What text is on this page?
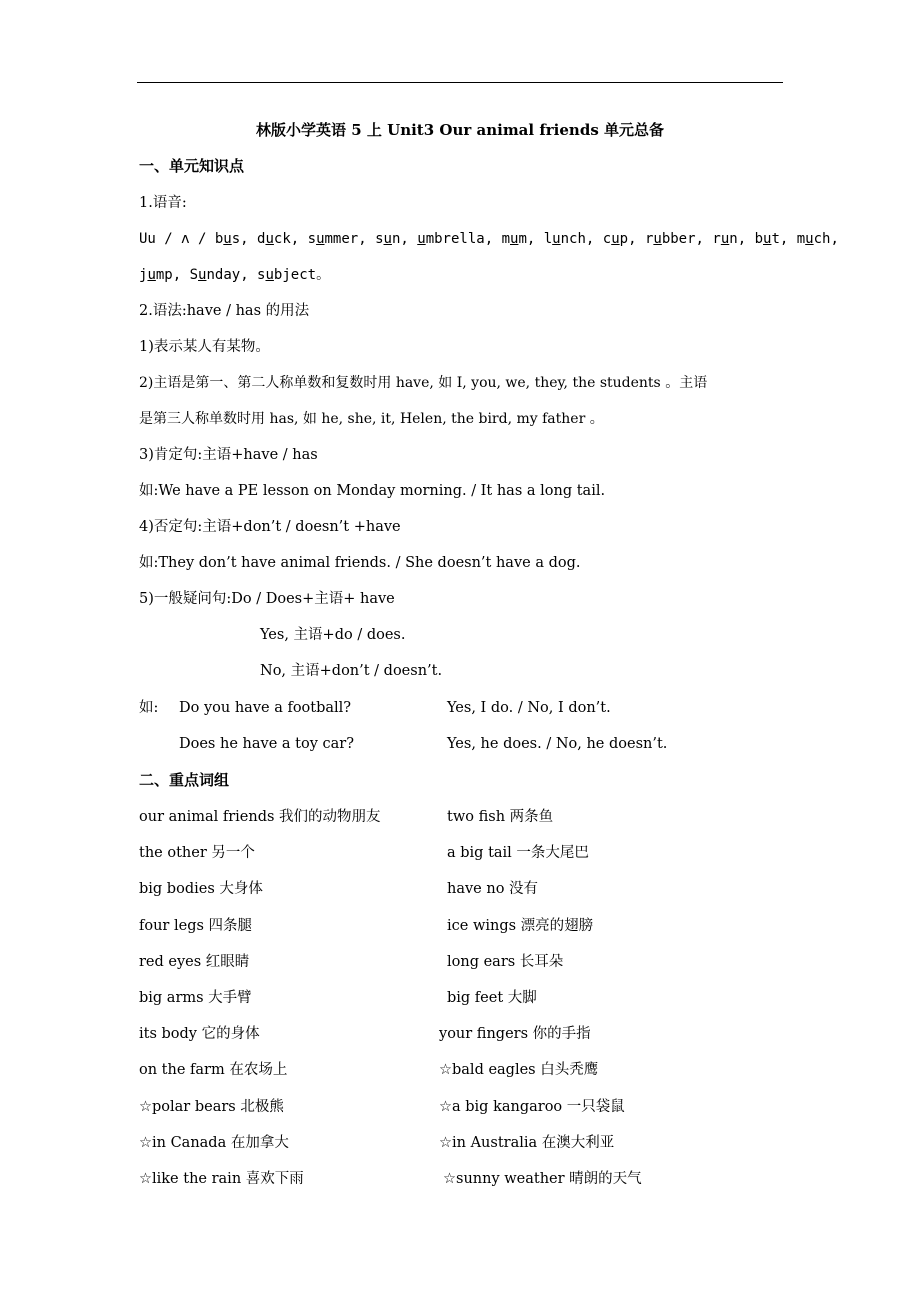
林版小学英语 5 上 Unit3 Our animal friends 单元总备
一、单元知识点
1.语音:
Uu / ʌ / bus, duck, summer, sun, umbrella, mum, lunch, cup, rubber, run, but, much,
jump, Sunday, subject。
2.语法:have / has 的用法
1)表示某人有某物。
2)主语是第一、第二人称单数和复数时用 have, 如 I, you, we, they, the students 。主语
是第三人称单数时用 has, 如 he, she, it, Helen, the bird, my father 。
3)肯定句:主语+have / has
如:We have a PE lesson on Monday morning. / It has a long tail.
4)否定句:主语+don’t / doesn’t +have
如:They don’t have animal friends. / She doesn’t have a dog.
5)一般疑问句:Do / Does+主语+ have
Yes, 主语+do / does.
No, 主语+don’t / doesn’t.
如: Do you have a football?	Yes, I do. / No, I don’t.
Does he have a toy car?	Yes, he does. / No, he doesn’t.
二、重点词组
our animal friends 我们的动物朋友	two fish 两条鱼
the other 另一个	a big tail 一条大尾巴
big bodies 大身体	have no 没有
four legs 四条腿	ice wings 漂亮的翅膀
red eyes 红眼睛	long ears 长耳朵
big arms 大手臂	big feet 大脚
its body 它的身体	your fingers 你的手指
on the farm 在农场上	☆bald eagles 白头秃鹰
☆polar bears 北极熊	☆a big kangaroo 一只袋鼠
☆in Canada 在加拿大	☆in Australia 在澳大利亚
☆like the rain 喜欢下雨	☆sunny weather 晴朗的天气
